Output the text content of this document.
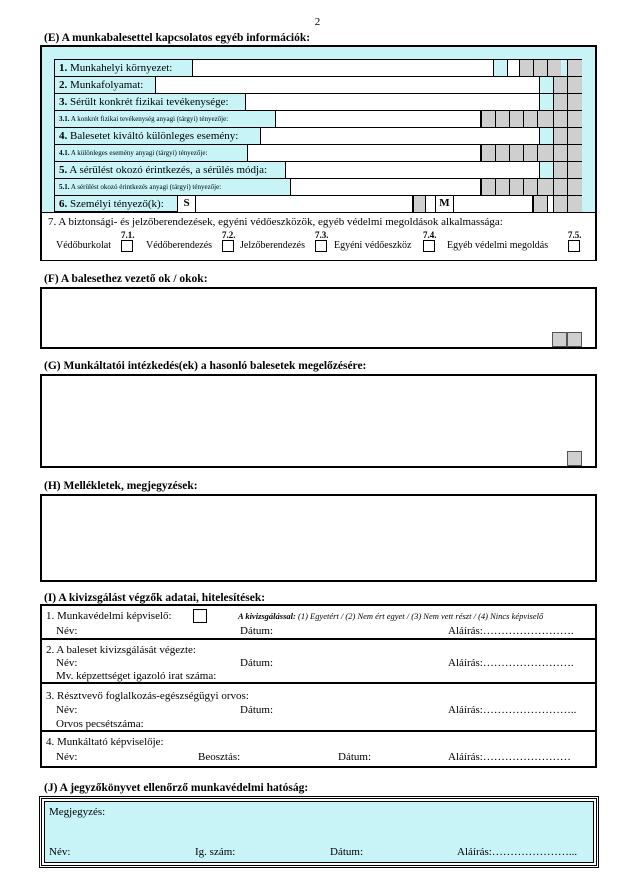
2
(E) A munkabalesettel kapcsolatos egyéb információk:
1. Munkahelyi környezet:
2. Munkafolyamat:
3. Sérült konkrét fizikai tevékenysége:
3.1. A konkrét fizikai tevékenység anyagi (tárgyi) tényezője:
4. Balesetet kiváltó különleges esemény:
4.1. A különleges esemény anyagi (tárgyi) tényezője:
5. A sérülést okozó érintkezés, a sérülés módja:
5.1. A sérülést okozó érintkezés anyagi (tárgyi) tényezője:
6. Személyi tényező(k):	S	M
7. A biztonsági- és jelzőberendezések, egyéni védőeszközök, egyéb védelmi megoldások alkalmassága:
7.1.
Védőburkolat
7.2.
Védőberendezés
7.3.
Jelzőberendezés
7.4.
Egyéni védőeszköz
7.5.
Egyéb védelmi megoldás
(F) A balesethez vezető ok / okok:
(G) Munkáltatói intézkedés(ek) a hasonló balesetek megelőzésére:
(H) Mellékletek, megjegyzések:
(I) A kivizsgálást végzők adatai, hitelesítések:
1. Munkavédelmi képviselő:	A kivizsgálással: (1) Egyetért / (2) Nem ért egyet / (3) Nem vett részt / (4) Nincs képviselő
Név:	Dátum:	Aláírás:…………………….
2. A baleset kivizsgálását végezte:
Név:	Dátum:	Aláírás:…………………….
Mv. képzettséget igazoló irat száma:
3. Résztvevő foglalkozás-egészségügyi orvos:
Név:	Dátum:	Aláírás:……………………..
Orvos pecsétszáma:
4. Munkáltató képviselője:
Név:	Beosztás:	Dátum:	Aláírás:……………………
(J) A jegyzőkönyvet ellenőrző munkavédelmi hatóság:
Megjegyzés:
Név:	Ig. szám:	Dátum:	Aláírás:…………………...
